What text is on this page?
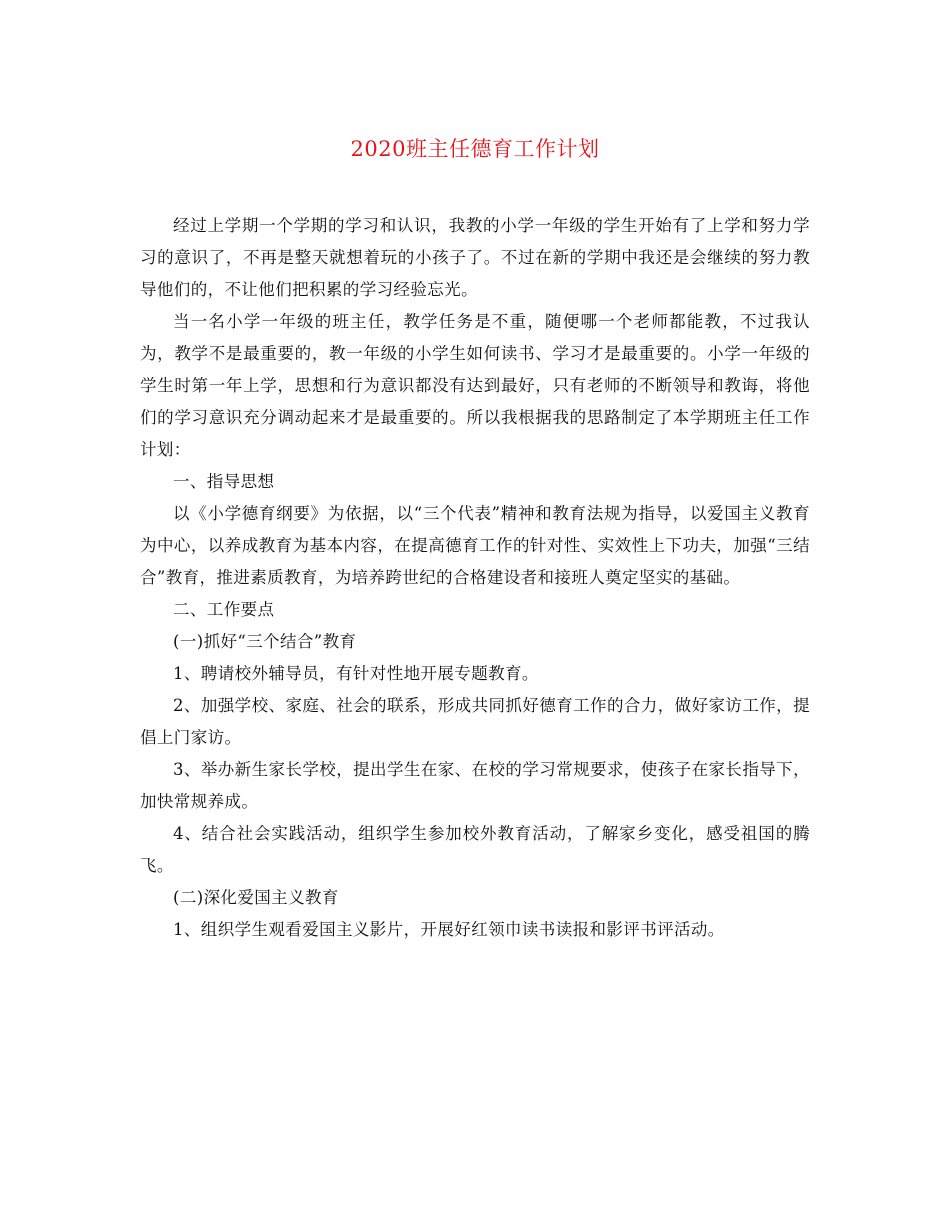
2020班主任德育工作计划

经过上学期一个学期的学习和认识，我教的小学一年级的学生开始有了上学和努力学习的意识了，不再是整天就想着玩的小孩子了。不过在新的学期中我还是会继续的努力教导他们的，不让他们把积累的学习经验忘光。

当一名小学一年级的班主任，教学任务是不重，随便哪一个老师都能教，不过我认为，教学不是最重要的，教一年级的小学生如何读书、学习才是最重要的。小学一年级的学生时第一年上学，思想和行为意识都没有达到最好，只有老师的不断领导和教诲，将他们的学习意识充分调动起来才是最重要的。所以我根据我的思路制定了本学期班主任工作计划：

一、指导思想

以《小学德育纲要》为依据，以“三个代表”精神和教育法规为指导，以爱国主义教育为中心，以养成教育为基本内容，在提高德育工作的针对性、实效性上下功夫，加强“三结合”教育，推进素质教育，为培养跨世纪的合格建设者和接班人奠定坚实的基础。

二、工作要点

(一)抓好“三个结合”教育

1、聘请校外辅导员，有针对性地开展专题教育。

2、加强学校、家庭、社会的联系，形成共同抓好德育工作的合力，做好家访工作，提倡上门家访。

3、举办新生家长学校，提出学生在家、在校的学习常规要求，使孩子在家长指导下，加快常规养成。

4、结合社会实践活动，组织学生参加校外教育活动，了解家乡变化，感受祖国的腾飞。

(二)深化爱国主义教育

1、组织学生观看爱国主义影片，开展好红领巾读书读报和影评书评活动。
